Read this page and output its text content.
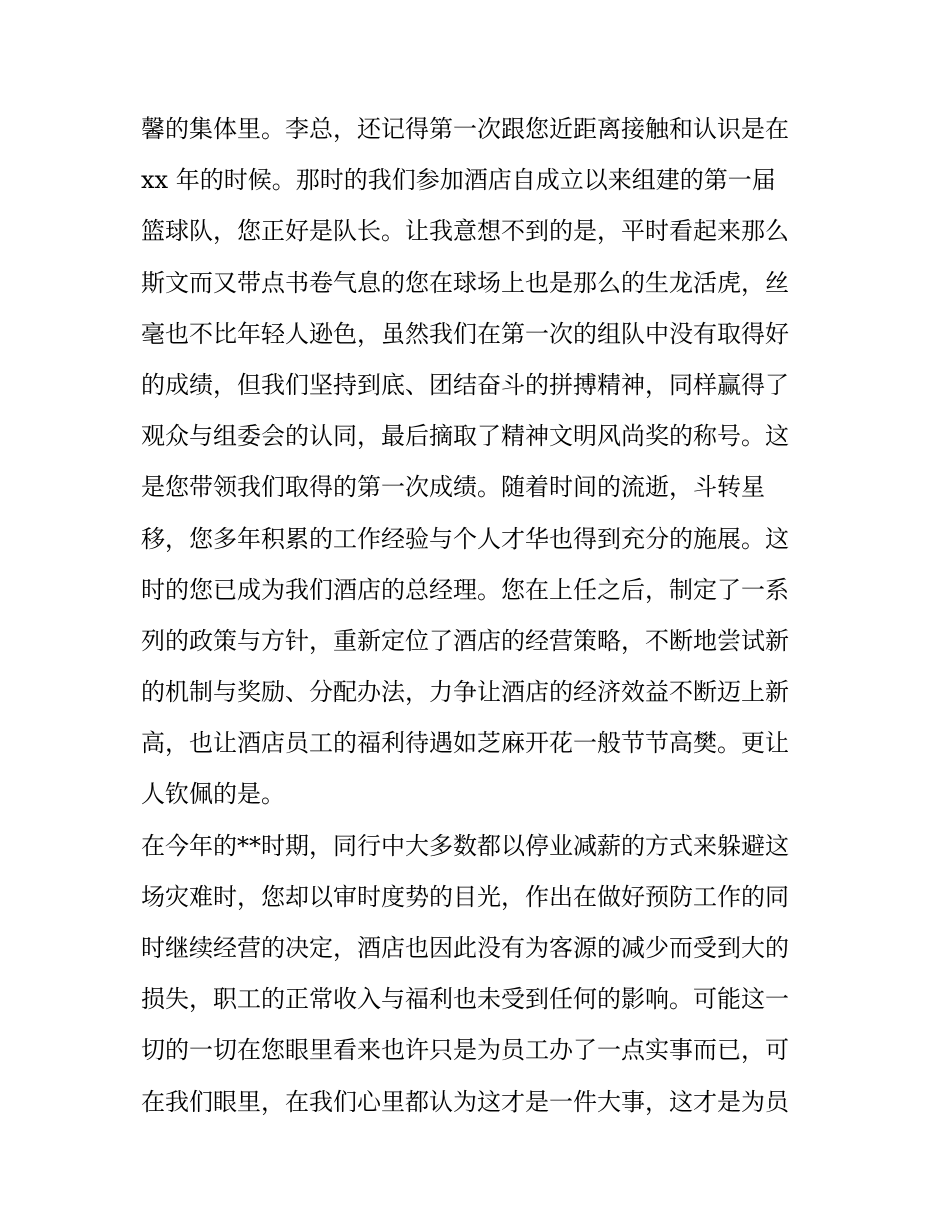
馨的集体里。李总，还记得第一次跟您近距离接触和认识是在
xx 年的时候。那时的我们参加酒店自成立以来组建的第一届
篮球队，您正好是队长。让我意想不到的是，平时看起来那么
斯文而又带点书卷气息的您在球场上也是那么的生龙活虎，丝
毫也不比年轻人逊色，虽然我们在第一次的组队中没有取得好
的成绩，但我们坚持到底、团结奋斗的拼搏精神，同样赢得了
观众与组委会的认同，最后摘取了精神文明风尚奖的称号。这
是您带领我们取得的第一次成绩。随着时间的流逝，斗转星
移，您多年积累的工作经验与个人才华也得到充分的施展。这
时的您已成为我们酒店的总经理。您在上任之后，制定了一系
列的政策与方针，重新定位了酒店的经营策略，不断地尝试新
的机制与奖励、分配办法，力争让酒店的经济效益不断迈上新
高，也让酒店员工的福利待遇如芝麻开花一般节节高樊。更让
人钦佩的是。
在今年的**时期，同行中大多数都以停业减薪的方式来躲避这
场灾难时，您却以审时度势的目光，作出在做好预防工作的同
时继续经营的决定，酒店也因此没有为客源的减少而受到大的
损失，职工的正常收入与福利也未受到任何的影响。可能这一
切的一切在您眼里看来也许只是为员工办了一点实事而已，可
在我们眼里，在我们心里都认为这才是一件大事，这才是为员
